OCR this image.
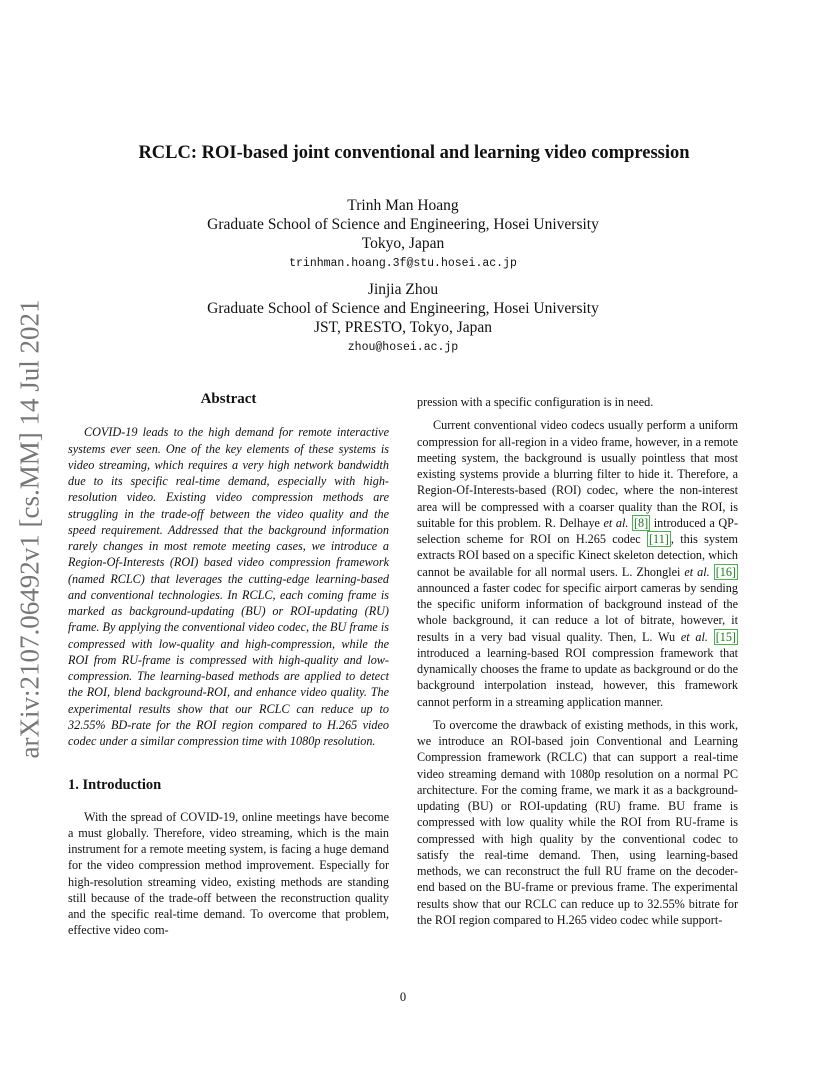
RCLC: ROI-based joint conventional and learning video compression
Trinh Man Hoang
Graduate School of Science and Engineering, Hosei University
Tokyo, Japan
trinhman.hoang.3f@stu.hosei.ac.jp
Jinjia Zhou
Graduate School of Science and Engineering, Hosei University
JST, PRESTO, Tokyo, Japan
zhou@hosei.ac.jp
arXiv:2107.06492v1 [cs.MM] 14 Jul 2021	Abstract

COVID-19 leads to the high demand for remote interactive systems ever seen. One of the key elements of these systems is video streaming, which requires a very high network bandwidth due to its specific real-time demand, especially with high-resolution video. Existing video compression methods are struggling in the trade-off between the video quality and the speed requirement. Addressed that the background information rarely changes in most remote meeting cases, we introduce a Region-Of-Interests (ROI) based video compression framework (named RCLC) that leverages the cutting-edge learning-based and conventional technologies. In RCLC, each coming frame is marked as background-updating (BU) or ROI-updating (RU) frame. By applying the conventional video codec, the BU frame is compressed with low-quality and high-compression, while the ROI from RU-frame is compressed with high-quality and low-compression. The learning-based methods are applied to detect the ROI, blend background-ROI, and enhance video quality. The experimental results show that our RCLC can reduce up to 32.55% BD-rate for the ROI region compared to H.265 video codec under a similar compression time with 1080p resolution.

1. Introduction

With the spread of COVID-19, online meetings have become a must globally. Therefore, video streaming, which is the main instrument for a remote meeting system, is facing a huge demand for the video compression method improvement. Especially for high-resolution streaming video, existing methods are standing still because of the trade-off between the reconstruction quality and the specific real-time demand. To overcome that problem, effective video com-

pression with a specific configuration is in need.

Current conventional video codecs usually perform a uniform compression for all-region in a video frame, however, in a remote meeting system, the background is usually pointless that most existing systems provide a blurring filter to hide it. Therefore, a Region-Of-Interests-based (ROI) codec, where the non-interest area will be compressed with a coarser quality than the ROI, is suitable for this problem. R. Delhaye et al. [8] introduced a QP-selection scheme for ROI on H.265 codec [11] , this system extracts ROI based on a specific Kinect skeleton detection, which cannot be available for all normal users. L. Zhonglei et al. [16] announced a faster codec for specific airport cameras by sending the specific uniform information of background instead of the whole background, it can reduce a lot of bitrate, however, it results in a very bad visual quality. Then, L. Wu et al. [15] introduced a learning-based ROI compression framework that dynamically chooses the frame to update as background or do the background interpolation instead, however, this framework cannot perform in a streaming application manner.

To overcome the drawback of existing methods, in this work, we introduce an ROI-based join Conventional and Learning Compression framework (RCLC) that can support a real-time video streaming demand with 1080p resolution on a normal PC architecture. For the coming frame, we mark it as a background-updating (BU) or ROI-updating (RU) frame. BU frame is compressed with low quality while the ROI from RU-frame is compressed with high quality by the conventional codec to satisfy the real-time demand. Then, using learning-based methods, we can reconstruct the full RU frame on the decoder-end based on the BU-frame or previous frame. The experimental results show that our RCLC can reduce up to 32.55% bitrate for the ROI region compared to H.265 video codec while support-

0
